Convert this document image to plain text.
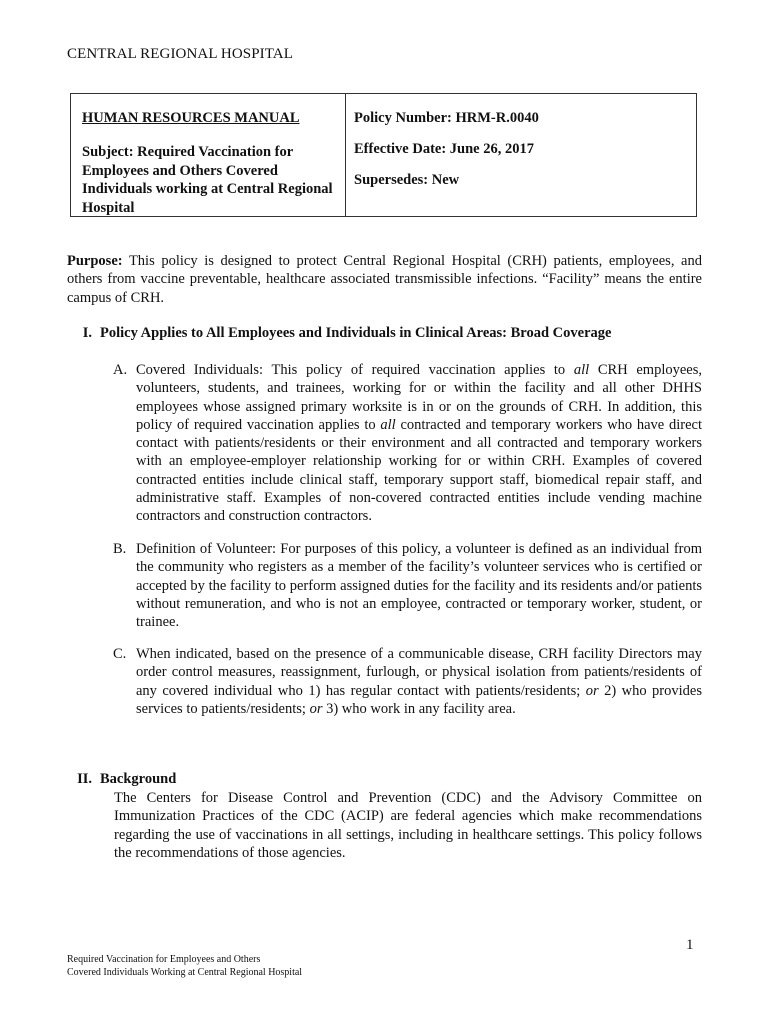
CENTRAL REGIONAL HOSPITAL
HUMAN RESOURCES MANUAL
Subject: Required Vaccination for Employees and Others Covered Individuals working at Central Regional Hospital
Policy Number: HRM-R.0040
Effective Date: June 26, 2017
Supersedes: New
Purpose: This policy is designed to protect Central Regional Hospital (CRH) patients, employees, and others from vaccine preventable, healthcare associated transmissible infections. “Facility” means the entire campus of CRH.
I. Policy Applies to All Employees and Individuals in Clinical Areas: Broad Coverage
A. Covered Individuals: This policy of required vaccination applies to all CRH employees, volunteers, students, and trainees, working for or within the facility and all other DHHS employees whose assigned primary worksite is in or on the grounds of CRH. In addition, this policy of required vaccination applies to all contracted and temporary workers who have direct contact with patients/residents or their environment and all contracted and temporary workers with an employee-employer relationship working for or within CRH. Examples of covered contracted entities include clinical staff, temporary support staff, biomedical repair staff, and administrative staff. Examples of non-covered contracted entities include vending machine contractors and construction contractors.
B. Definition of Volunteer: For purposes of this policy, a volunteer is defined as an individual from the community who registers as a member of the facility’s volunteer services who is certified or accepted by the facility to perform assigned duties for the facility and its residents and/or patients without remuneration, and who is not an employee, contracted or temporary worker, student, or trainee.
C. When indicated, based on the presence of a communicable disease, CRH facility Directors may order control measures, reassignment, furlough, or physical isolation from patients/residents of any covered individual who 1) has regular contact with patients/residents; or 2) who provides services to patients/residents; or 3) who work in any facility area.
II. Background
The Centers for Disease Control and Prevention (CDC) and the Advisory Committee on Immunization Practices of the CDC (ACIP) are federal agencies which make recommendations regarding the use of vaccinations in all settings, including in healthcare settings. This policy follows the recommendations of those agencies.
1
Required Vaccination for Employees and Others
Covered Individuals Working at Central Regional Hospital
